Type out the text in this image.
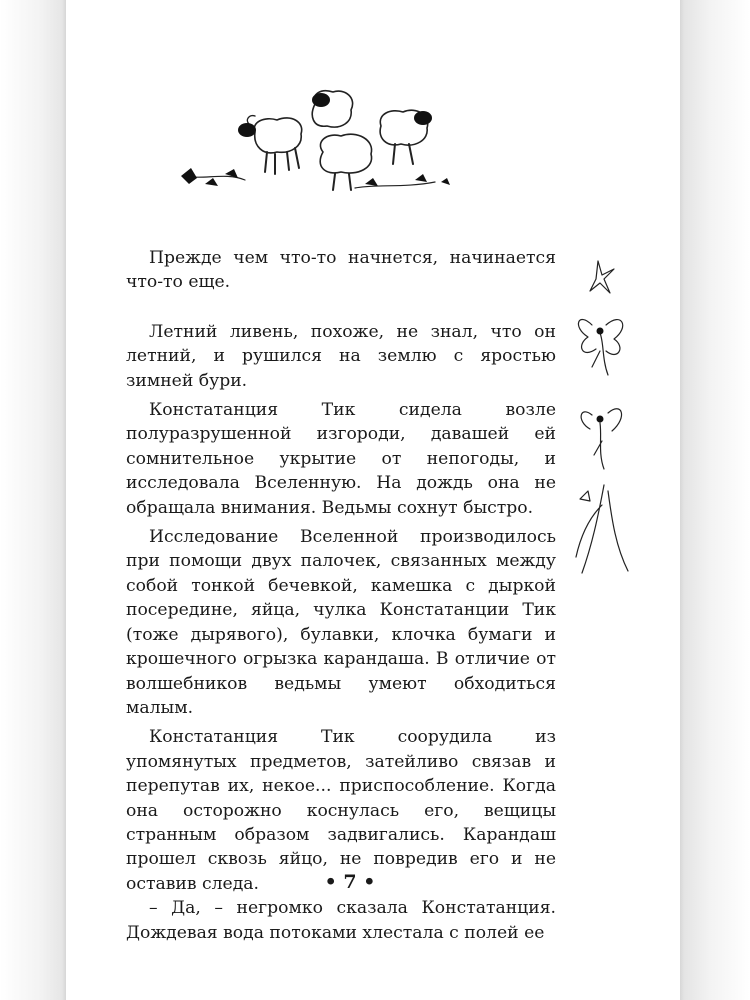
Прежде чем что-то начнется, начинается что-то еще.

Летний ливень, похоже, не знал, что он летний, и рушился на землю с яростью зимней бури.

Констатанция Тик сидела возле полуразрушенной изгороди, давашей ей сомнительное укрытие от непогоды, и исследовала Вселенную. На дождь она не обращала внимания. Ведьмы сохнут быстро.

Исследование Вселенной производилось при помощи двух палочек, связанных между собой тонкой бечевкой, камешка с дыркой посередине, яйца, чулка Констатанции Тик (тоже дырявого), булавки, клочка бумаги и крошечного огрызка карандаша. В отличие от волшебников ведьмы умеют обходиться малым.

Констатанция Тик соорудила из упомянутых предметов, затейливо связав и перепутав их, некое... приспособление. Когда она осторожно коснулась его, вещицы странным образом задвигались. Карандаш прошел сквозь яйцо, не повредив его и не оставив следа.

– Да, – негромко сказала Констатанция. Дождевая вода потоками хлестала с полей ее

• 7 •
